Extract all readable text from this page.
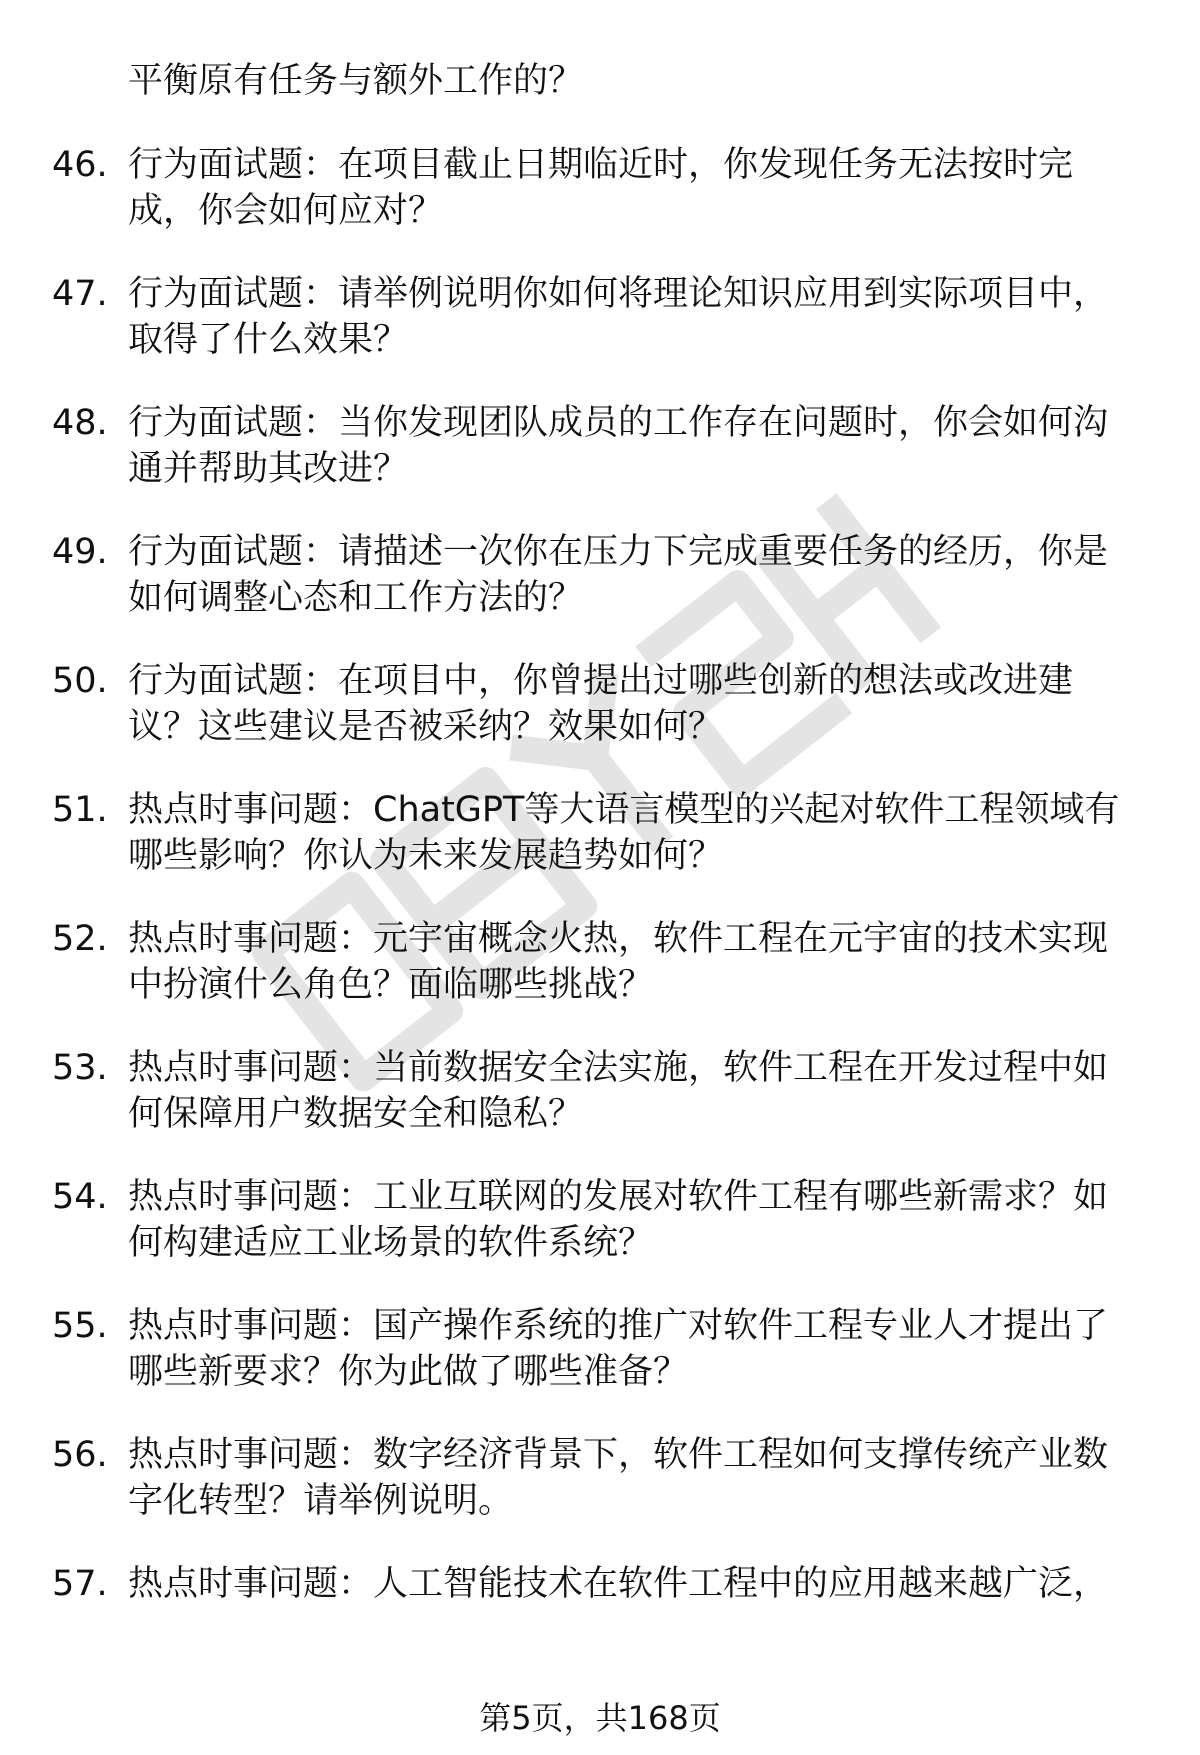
平衡原有任务与额外工作的？
46. 行为面试题：在项目截止日期临近时，你发现任务无法按时完
成，你会如何应对？
47. 行为面试题：请举例说明你如何将理论知识应用到实际项目中，
取得了什么效果？
48. 行为面试题：当你发现团队成员的工作存在问题时，你会如何沟
通并帮助其改进？
49. 行为面试题：请描述一次你在压力下完成重要任务的经历，你是
如何调整心态和工作方法的？
50. 行为面试题：在项目中，你曾提出过哪些创新的想法或改进建
议？这些建议是否被采纳？效果如何？
51. 热点时事问题：ChatGPT等大语言模型的兴起对软件工程领域有
哪些影响？你认为未来发展趋势如何？
52. 热点时事问题：元宇宙概念火热，软件工程在元宇宙的技术实现
中扮演什么角色？面临哪些挑战？
53. 热点时事问题：当前数据安全法实施，软件工程在开发过程中如
何保障用户数据安全和隐私？
54. 热点时事问题：工业互联网的发展对软件工程有哪些新需求？如
何构建适应工业场景的软件系统？
55. 热点时事问题：国产操作系统的推广对软件工程专业人才提出了
哪些新要求？你为此做了哪些准备？
56. 热点时事问题：数字经济背景下，软件工程如何支撑传统产业数
字化转型？请举例说明。
57. 热点时事问题：人工智能技术在软件工程中的应用越来越广泛，
第5页，共168页
